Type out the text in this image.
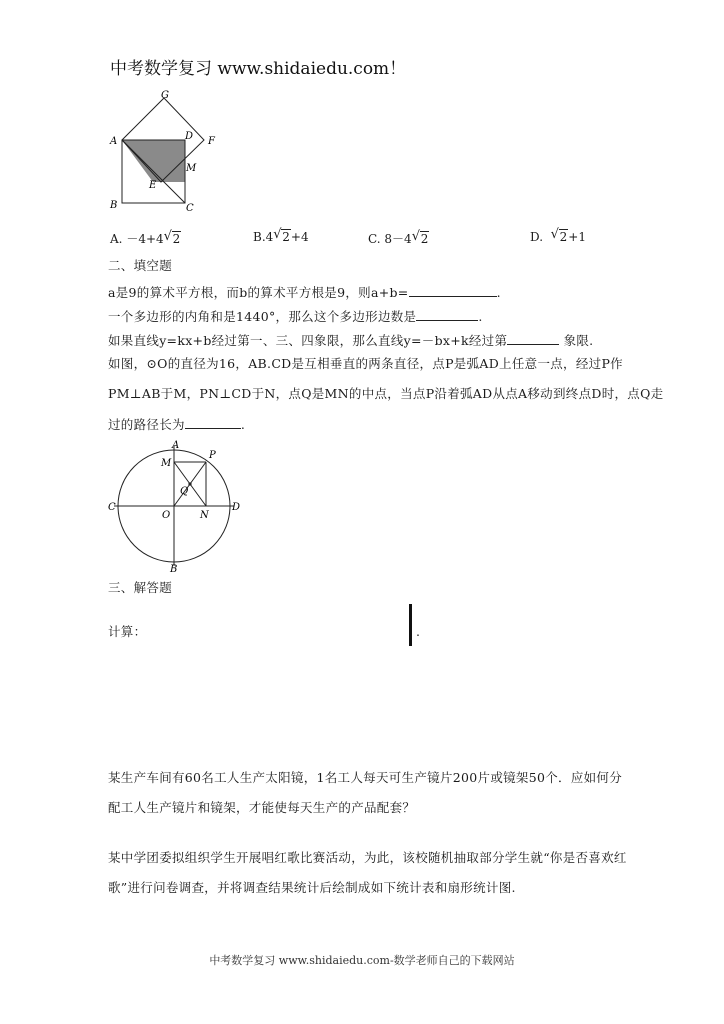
中考数学复习 www.shidaiedu.com！
G
A	D F
M
E
B	C
A. －4+4 √ 2	B.4 √ 2+4	C. 8－4 √ 2	D. √ 2+1
二、填空题
a是9的算术平方根，而b的算术平方根是9，则a+b=	.
一个多边形的内角和是1440°，那么这个多边形边数是	.
如果直线y=kx+b经过第一、三、四象限，那么直线y=－bx+k经过第	象限.
如图，⊙O的直径为16，AB.CD是互相垂直的两条直径，点P是弧AD上任意一点，经过P作
PM⊥AB于M，PN⊥CD于N，点Q是MN的中点，当点P沿着弧AD从点A移动到终点D时，点Q走
过的路径长为	.
A
P
M
Q
C
O	N
D
B
三、解答题
计算：	.
某生产车间有60名工人生产太阳镜，1名工人每天可生产镜片200片或镜架50个．应如何分
配工人生产镜片和镜架，才能使每天生产的产品配套？
某中学团委拟组织学生开展唱红歌比赛活动，为此，该校随机抽取部分学生就“你是否喜欢红
歌”进行问卷调查，并将调查结果统计后绘制成如下统计表和扇形统计图.
中考数学复习 www.shidaiedu.com-数学老师自己的下载网站
